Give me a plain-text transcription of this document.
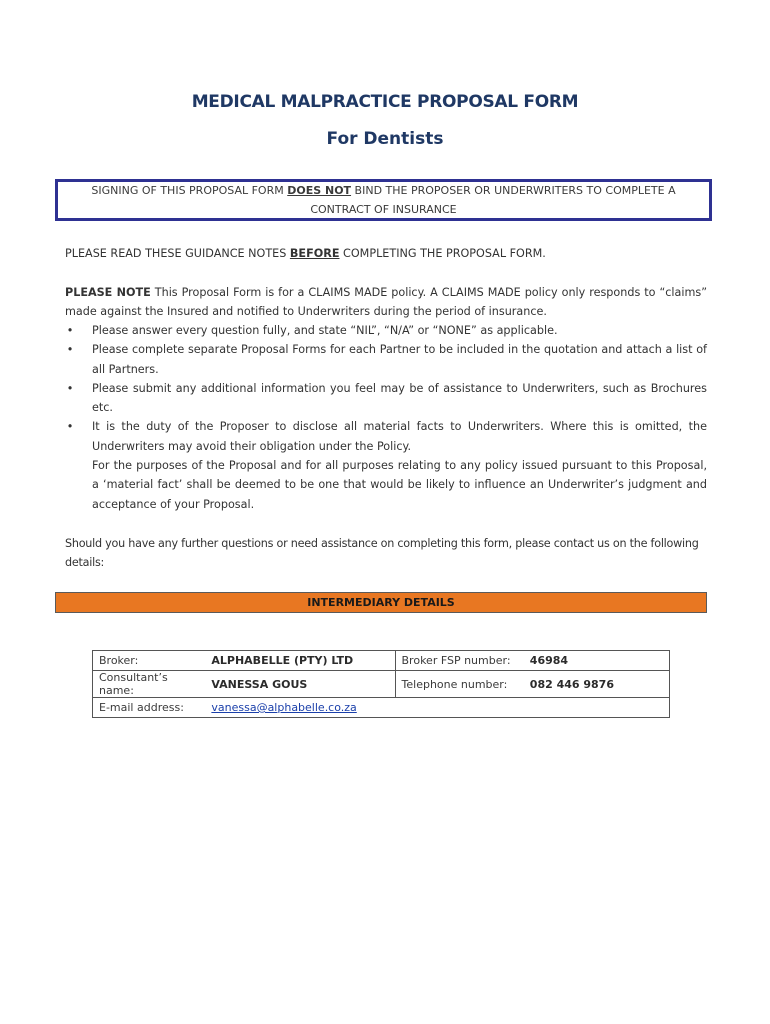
MEDICAL MALPRACTICE PROPOSAL FORM
For Dentists
SIGNING OF THIS PROPOSAL FORM DOES NOT BIND THE PROPOSER OR UNDERWRITERS TO COMPLETE A CONTRACT OF INSURANCE
PLEASE READ THESE GUIDANCE NOTES BEFORE COMPLETING THE PROPOSAL FORM.
PLEASE NOTE This Proposal Form is for a CLAIMS MADE policy. A CLAIMS MADE policy only responds to “claims” made against the Insured and notified to Underwriters during the period of insurance.
• Please answer every question fully, and state “NIL”, “N/A” or “NONE” as applicable.
• Please complete separate Proposal Forms for each Partner to be included in the quotation and attach a list of all Partners.
• Please submit any additional information you feel may be of assistance to Underwriters, such as Brochures etc.
• It is the duty of the Proposer to disclose all material facts to Underwriters. Where this is omitted, the Underwriters may avoid their obligation under the Policy.
For the purposes of the Proposal and for all purposes relating to any policy issued pursuant to this Proposal, a ‘material fact’ shall be deemed to be one that would be likely to influence an Underwriter’s judgment and acceptance of your Proposal.
Should you have any further questions or need assistance on completing this form, please contact us on the following details:
INTERMEDIARY DETAILS
Broker:	ALPHABELLE (PTY) LTD	Broker FSP number:	46984
Consultant’s name:	VANESSA GOUS	Telephone number:	082 446 9876
E-mail address:	vanessa@alphabelle.co.za		
